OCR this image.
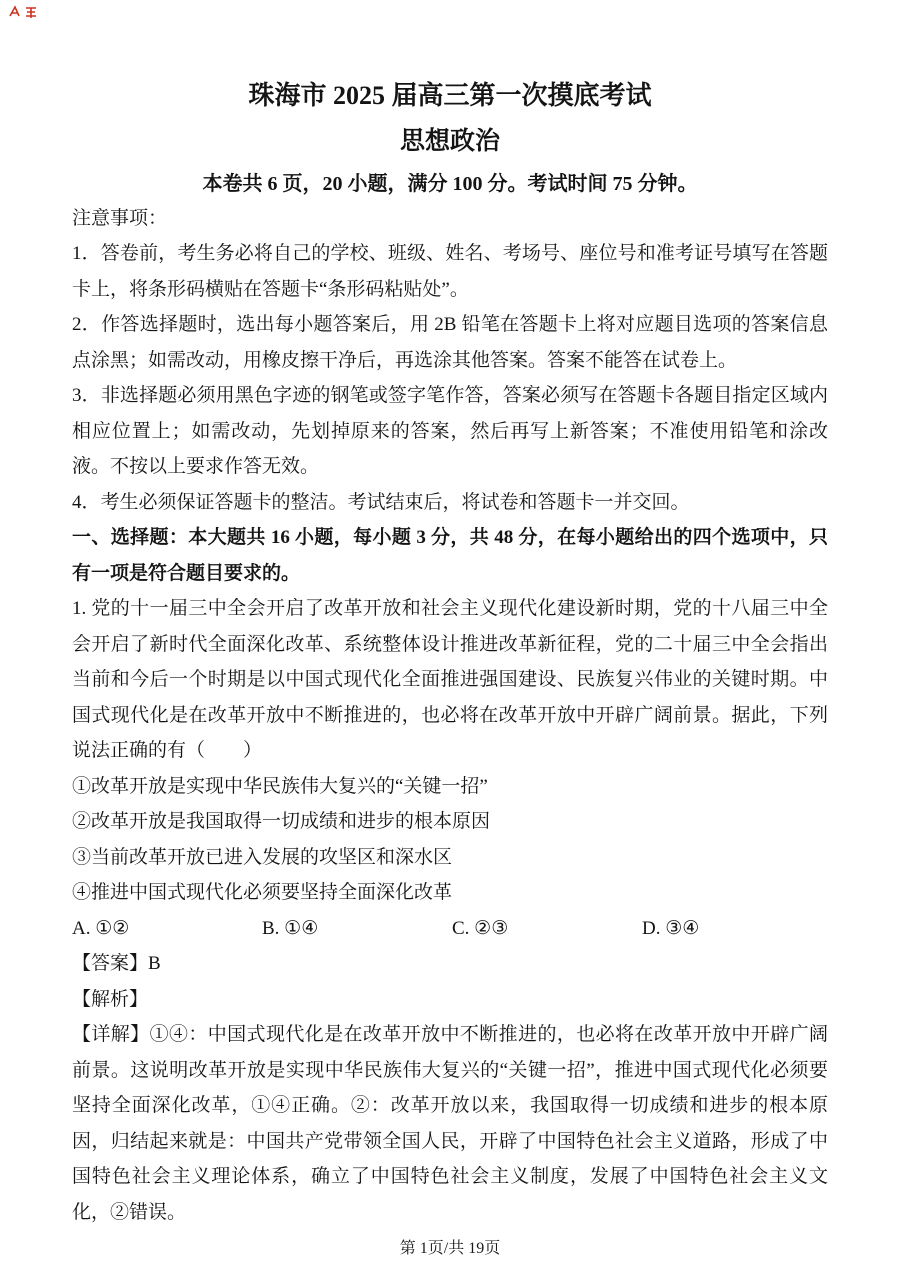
珠海市 2025 届高三第一次摸底考试
思想政治

本卷共 6 页，20 小题，满分 100 分。考试时间 75 分钟。

注意事项：

1．答卷前，考生务必将自己的学校、班级、姓名、考场号、座位号和准考证号填写在答题卡上，将条形码横贴在答题卡“条形码粘贴处”。

2．作答选择题时，选出每小题答案后，用 2B 铅笔在答题卡上将对应题目选项的答案信息点涂黑；如需改动，用橡皮擦干净后，再选涂其他答案。答案不能答在试卷上。

3．非选择题必须用黑色字迹的钢笔或签字笔作答，答案必须写在答题卡各题目指定区域内相应位置上；如需改动，先划掉原来的答案，然后再写上新答案；不准使用铅笔和涂改液。不按以上要求作答无效。

4．考生必须保证答题卡的整洁。考试结束后，将试卷和答题卡一并交回。

一、选择题：本大题共 16 小题，每小题 3 分，共 48 分，在每小题给出的四个选项中，只有一项是符合题目要求的。

1. 党的十一届三中全会开启了改革开放和社会主义现代化建设新时期，党的十八届三中全会开启了新时代全面深化改革、系统整体设计推进改革新征程，党的二十届三中全会指出当前和今后一个时期是以中国式现代化全面推进强国建设、民族复兴伟业的关键时期。中国式现代化是在改革开放中不断推进的，也必将在改革开放中开辟广阔前景。据此，下列说法正确的有（　　）

①改革开放是实现中华民族伟大复兴的“关键一招”

②改革开放是我国取得一切成绩和进步的根本原因

③当前改革开放已进入发展的攻坚区和深水区

④推进中国式现代化必须要坚持全面深化改革

A. ①②	B. ①④	C. ②③	D. ③④

【答案】B

【解析】

【详解】①④：中国式现代化是在改革开放中不断推进的，也必将在改革开放中开辟广阔前景。这说明改革开放是实现中华民族伟大复兴的“关键一招”，推进中国式现代化必须要坚持全面深化改革，①④正确。②：改革开放以来，我国取得一切成绩和进步的根本原因，归结起来就是：中国共产党带领全国人民，开辟了中国特色社会主义道路，形成了中国特色社会主义理论体系，确立了中国特色社会主义制度，发展了中国特色社会主义文化，②错误。

第 1页/共 19页
